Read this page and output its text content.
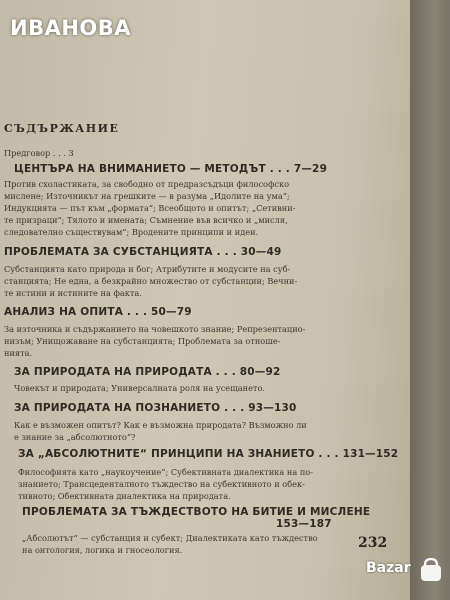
ИВАНОВА
СЪДЪРЖАНИЕ
Предговор . . . 3
ЦЕНТЪРА НА ВНИМАНИЕТО — МЕТОДЪТ . . . 7—29
Против схоластиката, за свободно от предразсъдъци философско
мислене; Източникът на грешките — в разума „Идолите на ума“;
Индукцията — път към „формата“; Всеобщото и опитът; „Сетивни-
те призраци“; Тялото и имената; Съмнение във всичко и „мисля,
следователно съществувам“; Вродените принципи и идеи.
ПРОБЛЕМАТА ЗА СУБСТАНЦИЯТА . . . 30—49
Субстанцията като природа и бог; Атрибутите и модусите на суб-
станцията; Не една, а безкрайно множество от субстанции; Вечни-
те истини и истините на факта.
АНАЛИЗ НА ОПИТА . . . 50—79
За източника и съдържанието на човешкото знание; Репрезентацио-
низъм; Унищожаване на субстанцията; Проблемата за отноше-
нията.
ЗА ПРИРОДАТА НА ПРИРОДАТА . . . 80—92
Човекът и природата; Универсалната роля на усещането.
ЗА ПРИРОДАТА НА ПОЗНАНИЕТО . . . 93—130
Как е възможен опитът? Как е възможна природата? Възможно ли
е знание за „абсолютното“?
ЗА „АБСОЛЮТНИТЕ“ ПРИНЦИПИ НА ЗНАНИЕТО . . . 131—152
Философията като „наукоучение“; Субективната диалектика на по-
знанието; Трансцеденталното тъждество на субективното и обек-
тивното; Обективната диалектика на природата.
ПРОБЛЕМАТА ЗА ТЪЖДЕСТВОТО НА БИТИЕ И МИСЛЕНЕ
153—187
„Абсолютът“ — субстанция и субект; Диалектиката като тъждество
на онтология, логика и гносеология.	232
Bazar
